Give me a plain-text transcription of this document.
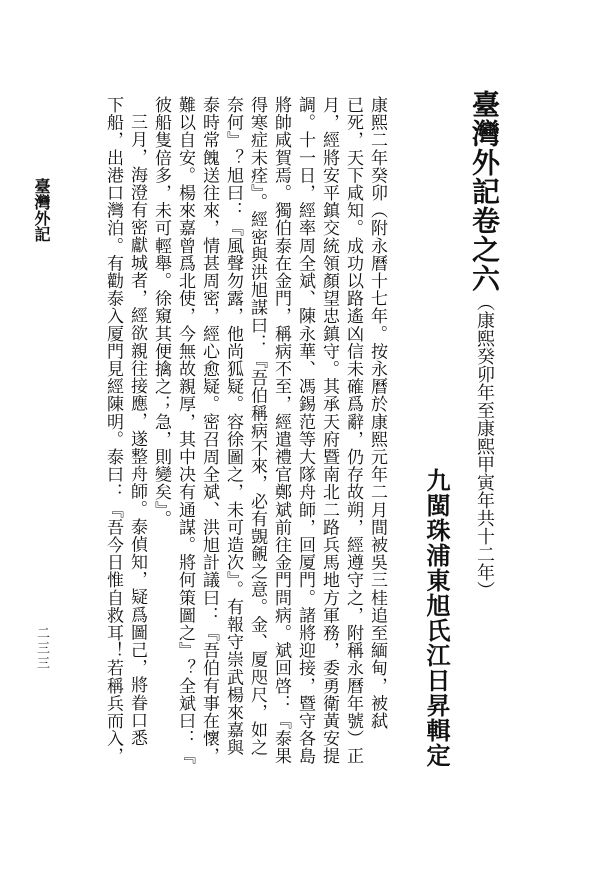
臺灣外記卷之六（康熙癸卯年至康熙甲寅年共十二年）
九閩珠浦東旭氏江日昇輯定
康熙二年癸卯（附永曆十七年。按永曆於康熙元年二月間被吳三桂追至緬甸，被弑
已死，天下咸知。成功以路遙凶信未確爲辭，仍存故朔，經遵守之，附稱永曆年號）正
月，經將安平鎮交統領顏望忠鎮守。其承天府暨南北二路兵馬地方軍務，委勇衛黃安提
調。十一日，經率周全斌、陳永華、馮錫范等大隊舟師，回厦門。諸將迎接，暨守各島
將帥咸賀焉。獨伯泰在金門，稱病不至，經遣禮官鄭斌前往金門問病。斌回啓：『泰果
得寒症未痊』。經密與洪旭謀曰：『吾伯稱病不來，必有覬覦之意。金、厦咫尺，如之
奈何』？旭曰：『風聲勿露，他尚狐疑。容徐圖之，未可造次』。有報守崇武楊來嘉與
泰時常餽送往來，情甚周密，經心愈疑。密召周全斌、洪旭計議曰：『吾伯有事在懷，
難以自安。楊來嘉曾爲北使，今無故親厚，其中决有通謀。將何策圖之』？全斌曰：『
彼船隻倍多，未可輕舉。徐窺其便擒之；急，則變矣』。
三月，海澄有密獻城者，經欲親往接應，遂整舟師。泰偵知，疑爲圖己，將眷口悉
下船，出港口灣泊。有勸泰入厦門見經陳明。泰曰：『吾今日惟自救耳！若稱兵而入，
臺灣外記
二三三
